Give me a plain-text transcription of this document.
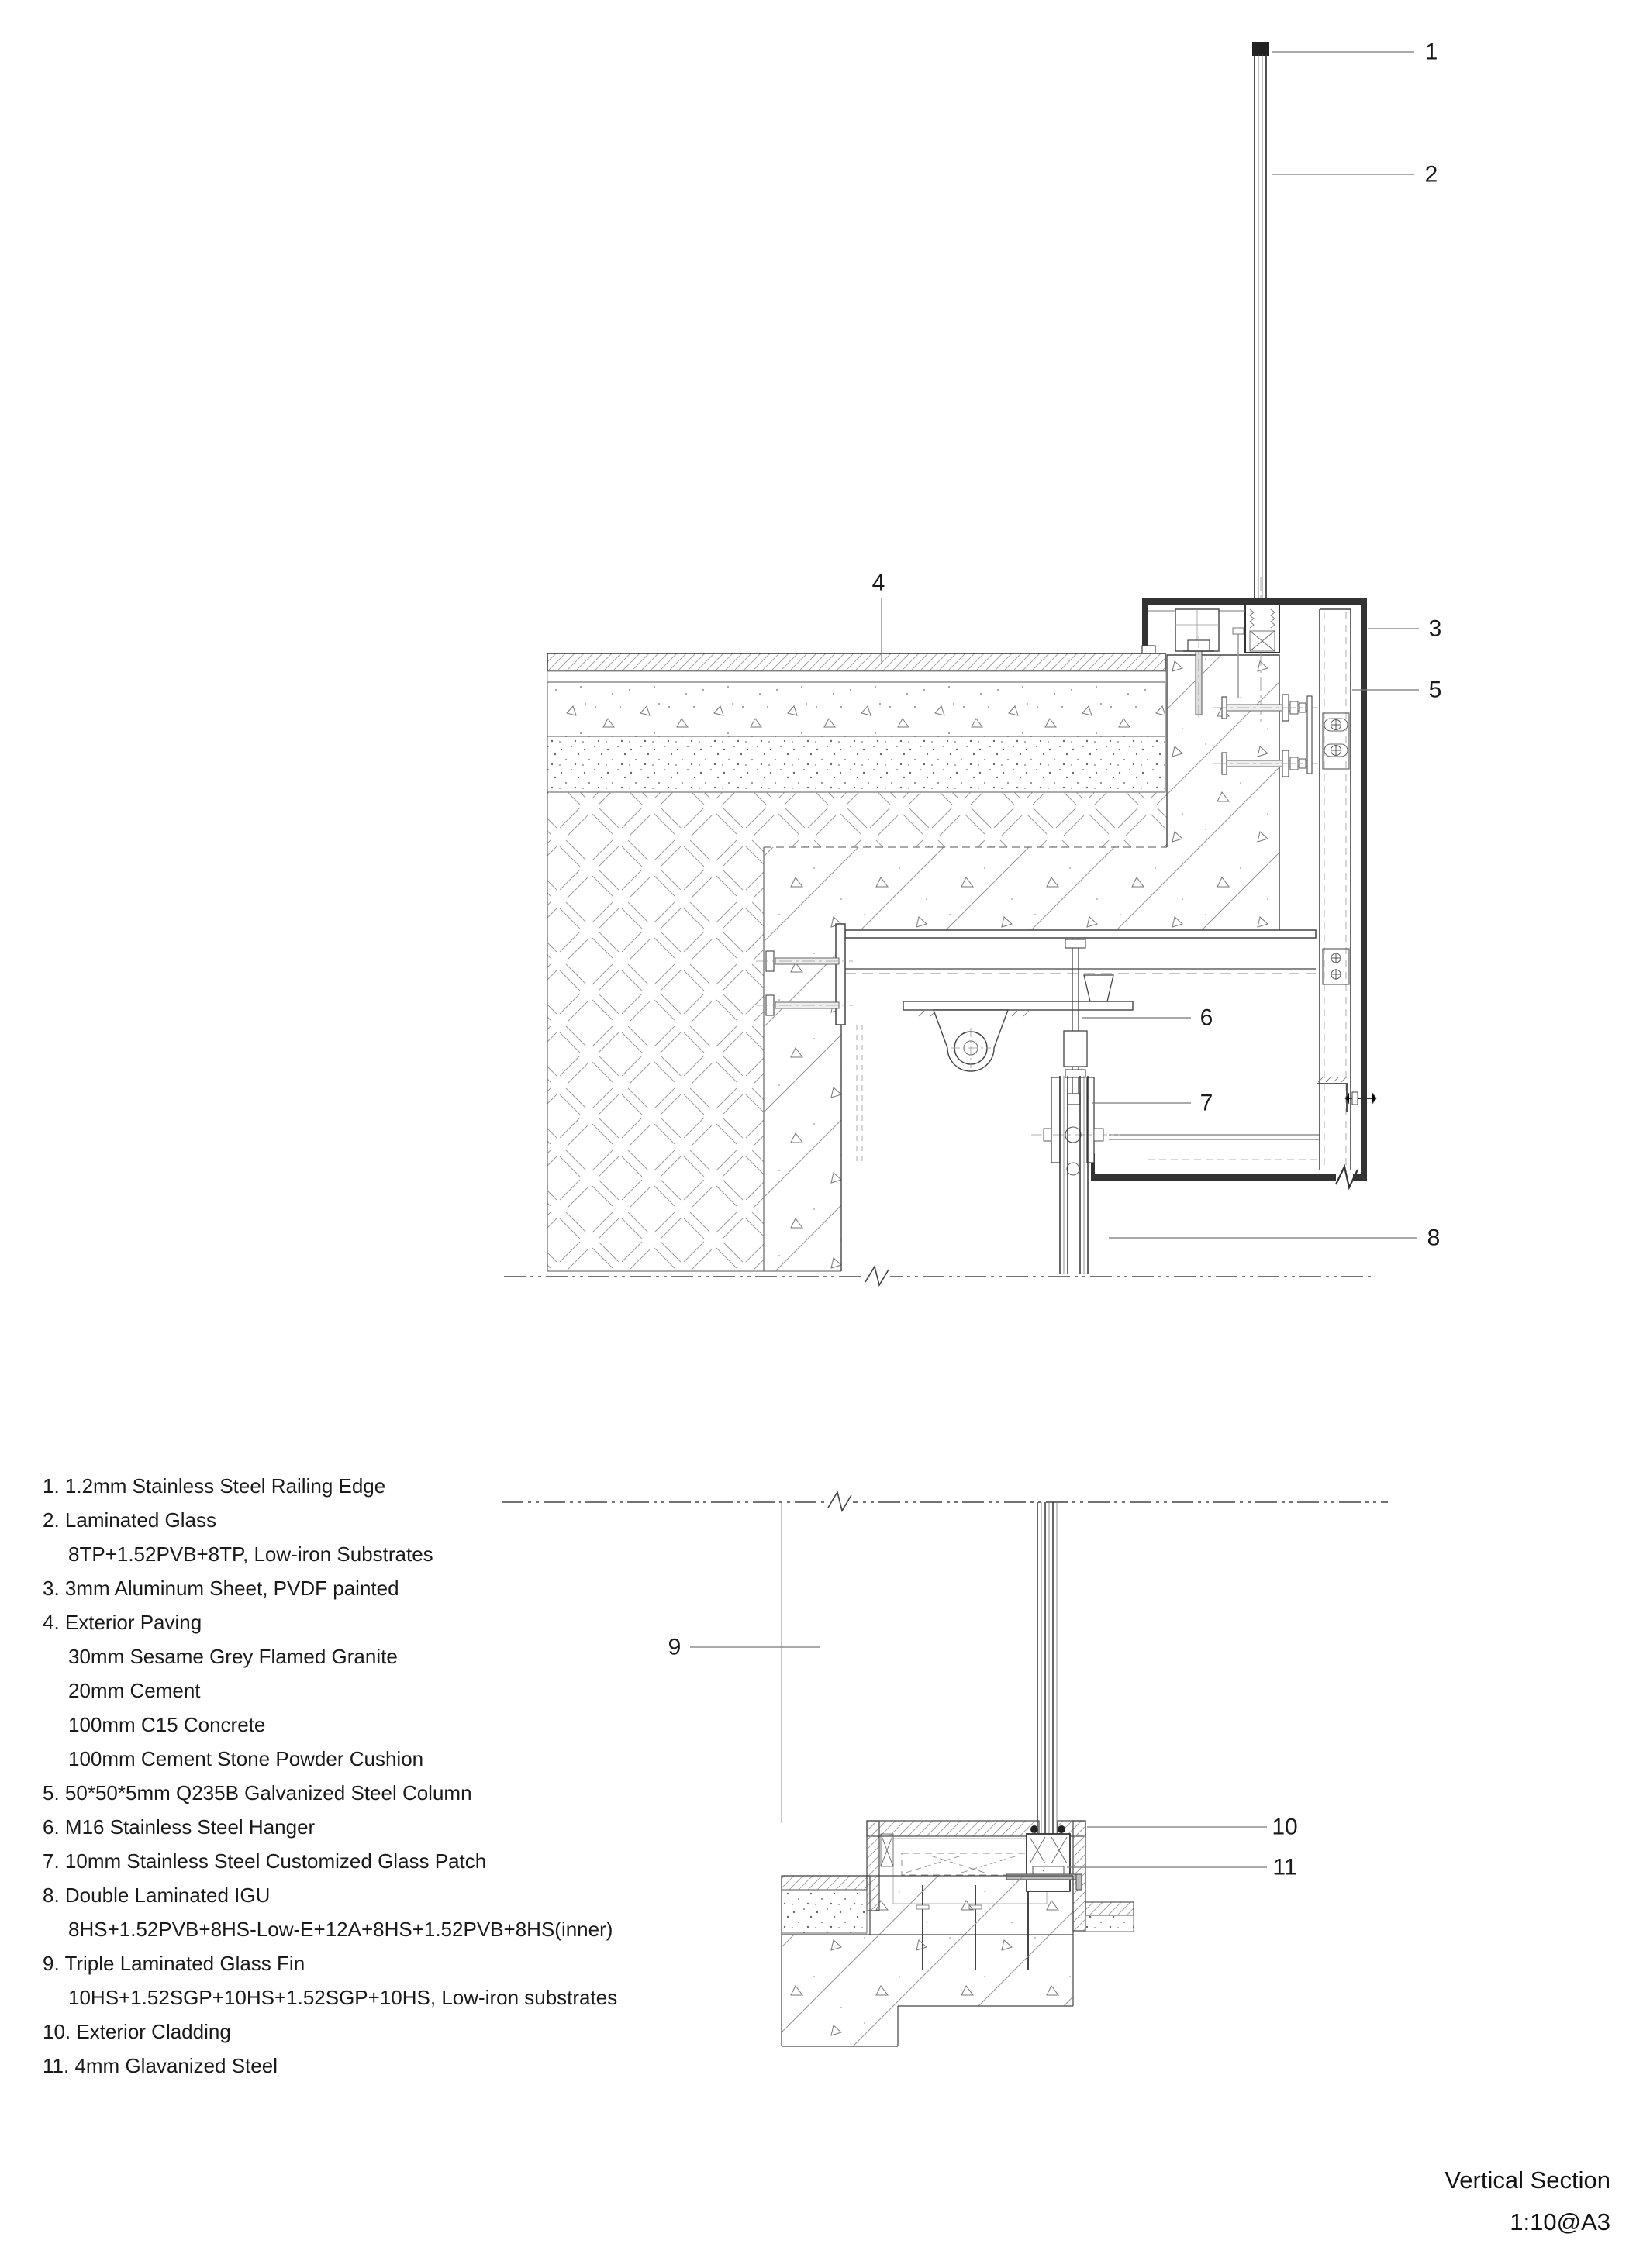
1
2
3
4
5
6
7
8
9
10
11
1. 1.2mm Stainless Steel Railing Edge
2. Laminated Glass
8TP+1.52PVB+8TP, Low-iron Substrates
3. 3mm Aluminum Sheet, PVDF painted
4. Exterior Paving
30mm Sesame Grey Flamed Granite
20mm Cement
100mm C15 Concrete
100mm Cement Stone Powder Cushion
5. 50*50*5mm Q235B Galvanized Steel Column
6. M16 Stainless Steel Hanger
7. 10mm Stainless Steel Customized Glass Patch
8. Double Laminated IGU
8HS+1.52PVB+8HS-Low-E+12A+8HS+1.52PVB+8HS(inner)
9. Triple Laminated Glass Fin
10HS+1.52SGP+10HS+1.52SGP+10HS, Low-iron substrates
10. Exterior Cladding
11. 4mm Glavanized Steel
Vertical Section
1:10@A3
